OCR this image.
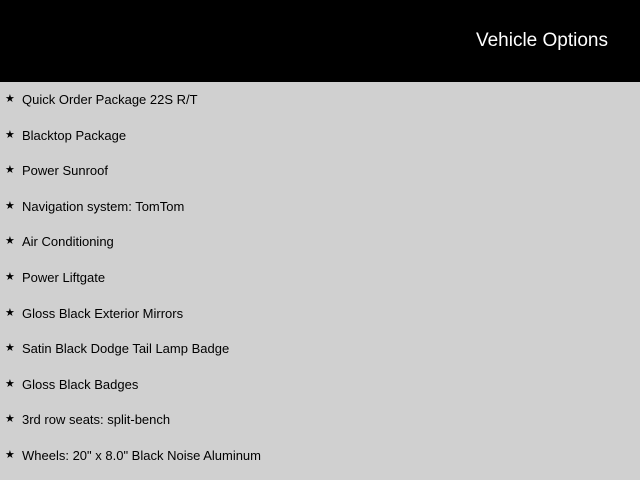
Vehicle Options
★ Quick Order Package 22S R/T
★ Blacktop Package
★ Power Sunroof
★ Navigation system: TomTom
★ Air Conditioning
★ Power Liftgate
★ Gloss Black Exterior Mirrors
★ Satin Black Dodge Tail Lamp Badge
★ Gloss Black Badges
★ 3rd row seats: split-bench
★ Wheels: 20" x 8.0" Black Noise Aluminum
